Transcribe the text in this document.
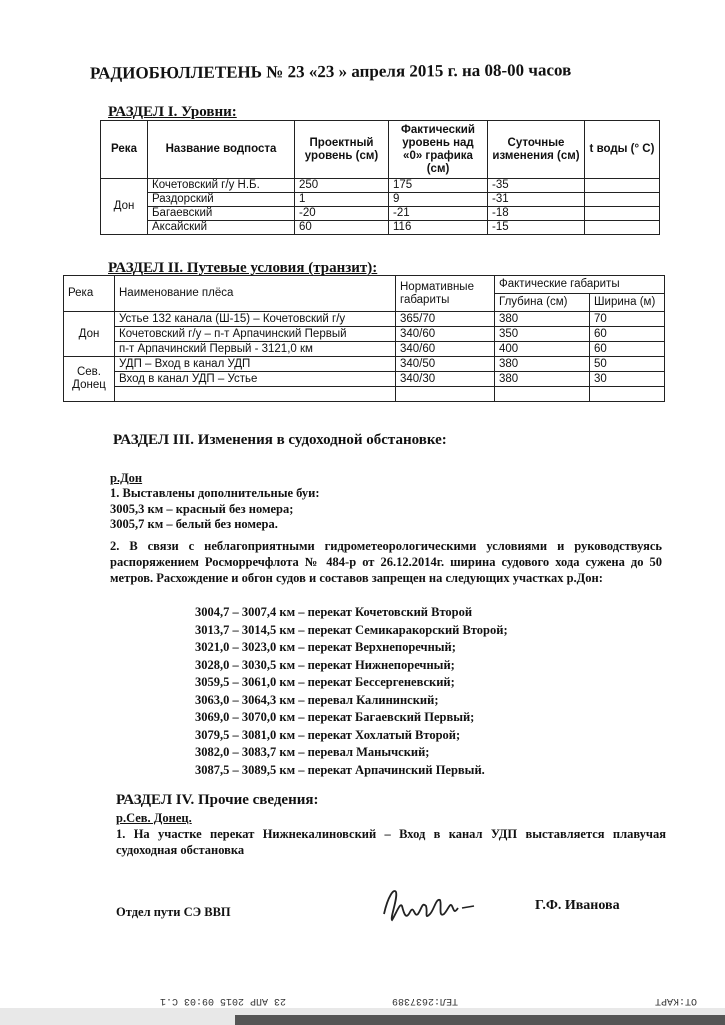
РАДИОБЮЛЛЕТЕНЬ № 23 «23 » апреля 2015 г. на 08-00 часов
РАЗДЕЛ I. Уровни:
Река	Название водпоста	Проектный уровень (см)	Фактический уровень над «0» графика (см)	Суточные изменения (см)	t воды (° C)
Дон	Кочетовский г/у Н.Б.	250	175	-35	
	Раздорский	1	9	-31	
	Багаевский	-20	-21	-18	
	Аксайский	60	116	-15	
РАЗДЕЛ II. Путевые условия (транзит):
Река	Наименование плёса	Нормативные габариты	Фактические габариты	
			Глубина (см)	Ширина (м)
Дон	Устье 132 канала (Ш-15) – Кочетовский г/у	365/70	380	70
	Кочетовский г/у – п-т Арпачинский Первый	340/60	350	60
	п-т Арпачинский Первый - 3121,0 км	340/60	400	60
Сев. Донец	УДП – Вход в канал УДП	340/50	380	50
	Вход в канал УДП – Устье	340/30	380	30

РАЗДЕЛ III. Изменения в судоходной обстановке:
р.Дон
1. Выставлены дополнительные буи:
3005,3 км – красный без номера;
3005,7 км – белый без номера.
2. В связи с неблагоприятными гидрометеорологическими условиями и руководствуясь распоряжением Росморречфлота № 484-р от 26.12.2014г. ширина судового хода сужена до 50 метров. Расхождение и обгон судов и составов запрещен на следующих участках р.Дон:
3004,7 – 3007,4 км – перекат Кочетовский Второй
3013,7 – 3014,5 км – перекат Семикаракорский Второй;
3021,0 – 3023,0 км – перекат Верхнепоречный;
3028,0 – 3030,5 км – перекат Нижнепоречный;
3059,5 – 3061,0 км – перекат Бессергеневский;
3063,0 – 3064,3 км – перевал Калининский;
3069,0 – 3070,0 км – перекат Багаевский Первый;
3079,5 – 3081,0 км – перекат Хохлатый Второй;
3082,0 – 3083,7 км – перевал Манычский;
3087,5 – 3089,5 км – перекат Арпачинский Первый.
РАЗДЕЛ IV. Прочие сведения:
р.Сев. Донец.
1. На участке перекат Нижнекалиновский – Вход в канал УДП выставляется плавучая судоходная обстановка
Отдел пути СЭ ВВП	Г.Ф. Иванова
ОТ:КАРТ
ТЕЛ:2637389
23 АПР 2015 09:03 С.1
